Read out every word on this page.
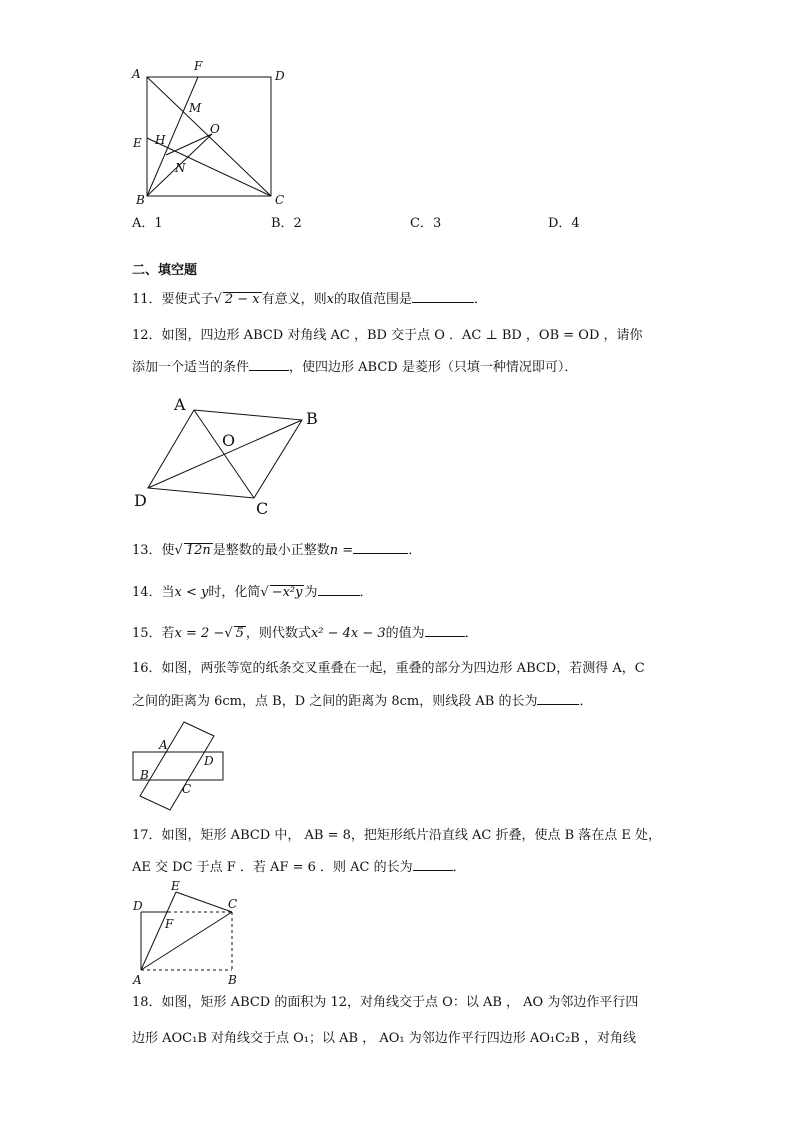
A
F
D
M
O
E H
N
B	C
A．1	B．2	C．3	D．4
二、填空题
11．要使式子√ 2 − x 有意义，则x的取值范围是	．
12．如图，四边形 ABCD 对角线 AC ，BD 交于点 O ．AC ⊥ BD ，OB = OD ，请你
添加一个适当的条件	，使四边形 ABCD 是菱形（只填一种情况即可）．
A
B
O
D	C
13．使√ 12n 是整数的最小正整数n =	．
14．当x < y时，化简√ −x²y 为	．
15．若x = 2 −√ 5 ，则代数式x² − 4x − 3的值为	．
16．如图，两张等宽的纸条交叉重叠在一起，重叠的部分为四边形 ABCD，若测得 A，C
之间的距离为 6cm，点 B，D 之间的距离为 8cm，则线段 AB 的长为	．
A
D
B
C
17．如图，矩形 ABCD 中， AB = 8，把矩形纸片沿直线 AC 折叠，使点 B 落在点 E 处，
AE 交 DC 于点 F ．若 AF = 6 ．则 AC 的长为	．
E
D	C
F
A	B
18．如图，矩形 ABCD 的面积为 12，对角线交于点 O：以 AB ， AO 为邻边作平行四
边形 AOC₁B 对角线交于点 O₁；以 AB ， AO₁ 为邻边作平行四边形 AO₁C₂B ，对角线
